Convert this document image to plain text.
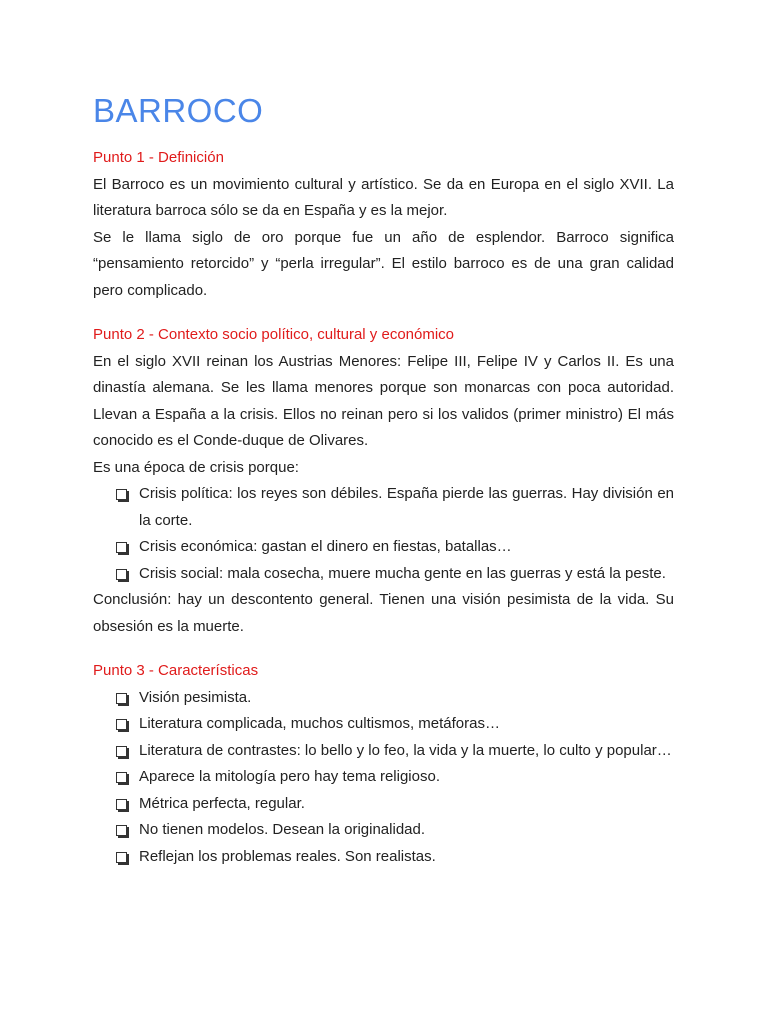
BARROCO
Punto 1 - Definición

El Barroco es un movimiento cultural y artístico. Se da en Europa en el siglo XVII. La literatura barroca sólo se da en España y es la mejor.

Se le llama siglo de oro porque fue un año de esplendor. Barroco significa “pensamiento retorcido” y “perla irregular”. El estilo barroco es de una gran calidad pero complicado.

Punto 2 - Contexto socio político, cultural y económico

En el siglo XVII reinan los Austrias Menores: Felipe III, Felipe IV y Carlos II. Es una dinastía alemana. Se les llama menores porque son monarcas con poca autoridad. Llevan a España a la crisis. Ellos no reinan pero si los validos (primer ministro) El más conocido es el Conde-duque de Olivares.

Es una época de crisis porque:

Crisis política: los reyes son débiles. España pierde las guerras. Hay división en la corte.
Crisis económica: gastan el dinero en fiestas, batallas…
Crisis social: mala cosecha, muere mucha gente en las guerras y está la peste.

Conclusión: hay un descontento general. Tienen una visión pesimista de la vida. Su obsesión es la muerte.

Punto 3 - Características
Visión pesimista.
Literatura complicada, muchos cultismos, metáforas…
Literatura de contrastes: lo bello y lo feo, la vida y la muerte, lo culto y popular…
Aparece la mitología pero hay tema religioso.
Métrica perfecta, regular.
No tienen modelos. Desean la originalidad.
Reflejan los problemas reales. Son realistas.
